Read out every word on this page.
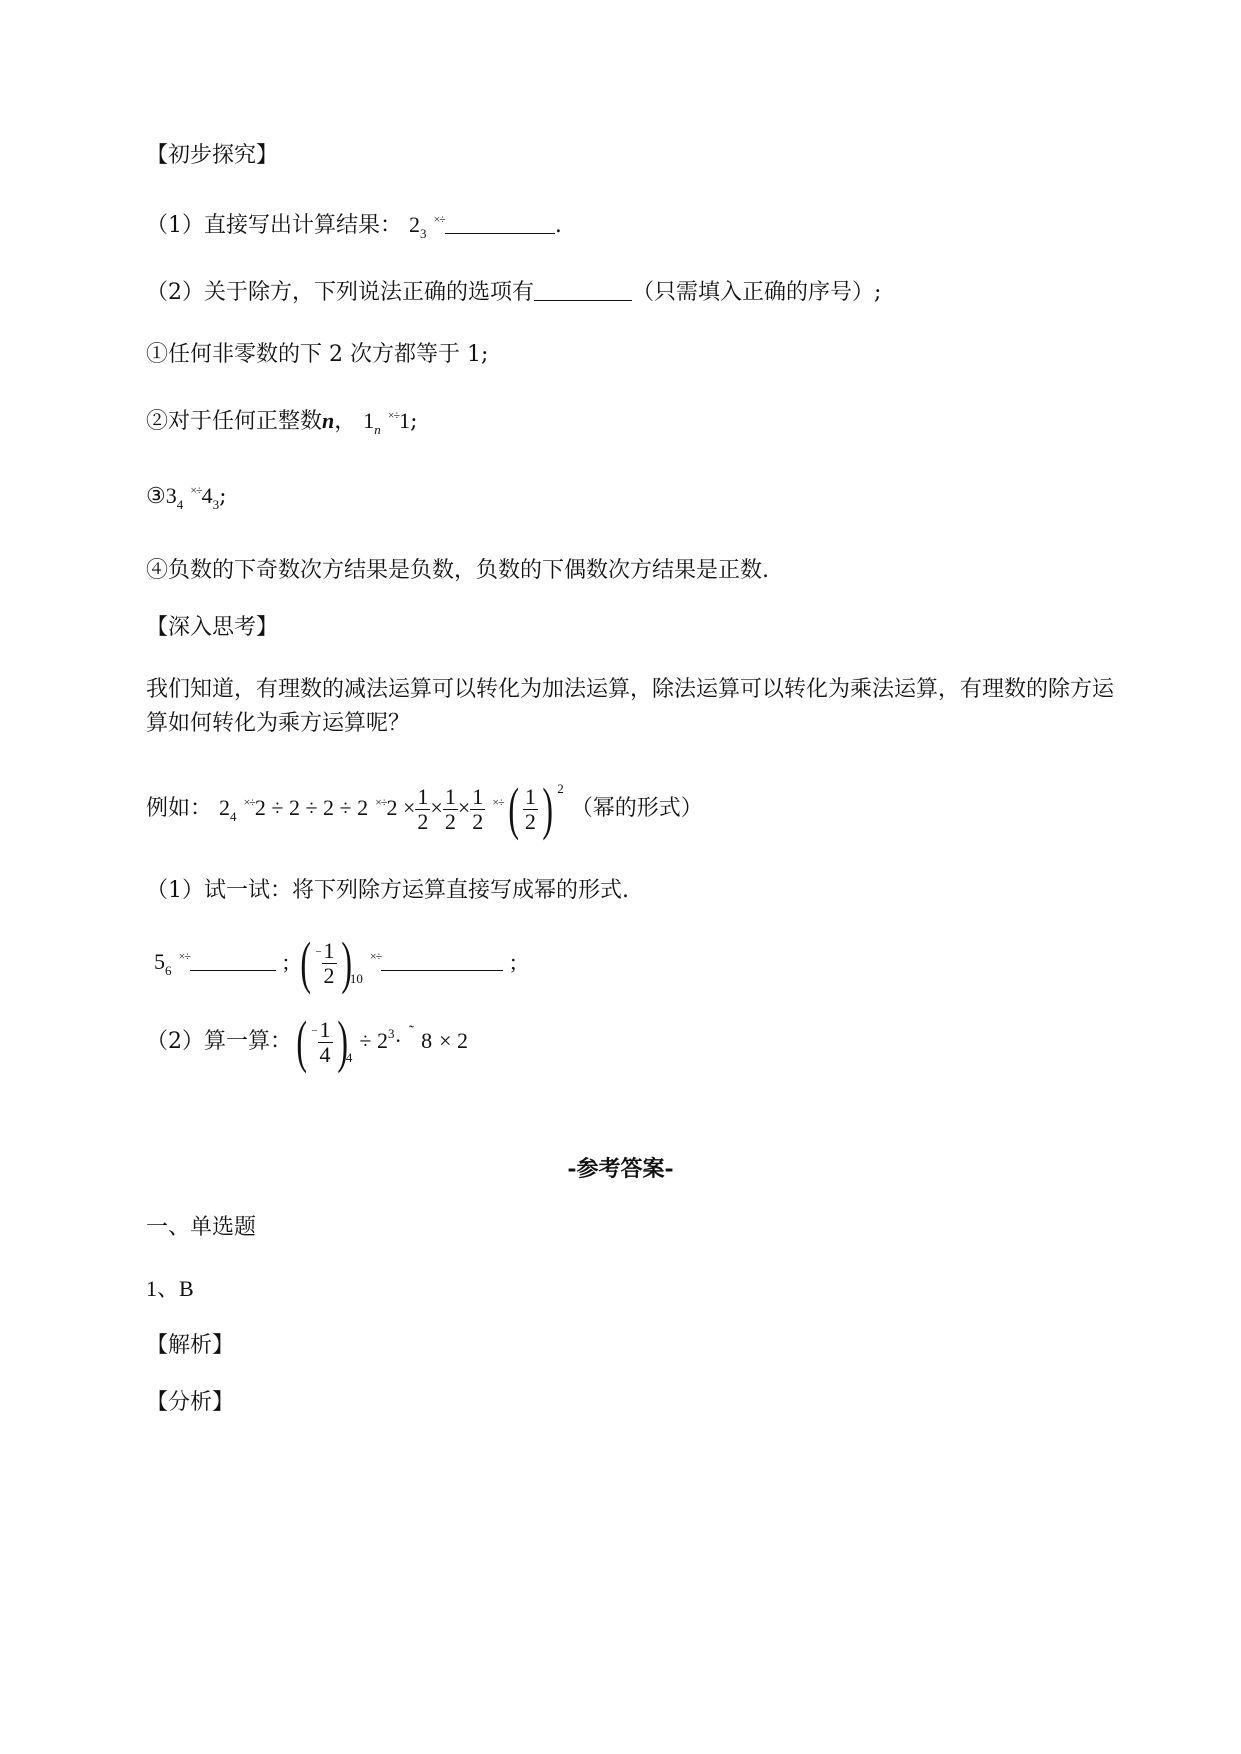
【初步探究】
（1）直接写出计算结果： $2_3$ ×÷	.
（2）关于除方，下列说法正确的选项有	（只需填入正确的序号）;
①任何非零数的下 2 次方都等于 1;
②对于任何正整数n， $1_n$ ×÷1;
$③3_4$ $^{\times\div}4_3$;
④负数的下奇数次方结果是负数，负数的下偶数次方结果是正数.
【深入思考】
我们知道，有理数的减法运算可以转化为加法运算，除法运算可以转化为乘法运算，有理数的除方运
算如何转化为乘方运算呢？
例如： $2_4$ ×÷2 ÷ 2 ÷ 2 ÷ 2 $^{\times\div}2 \times \frac{1}{2} \times \frac{1}{2} \times \frac{1}{2} ^{\times\div}( \frac{1}{2}$ ) $^2$ （幂的形式）
（1）试一试：将下列除方运算直接写成幂的形式.
$5_6$ ×÷	; ( $^- \frac{1}{2} )_{10}$ ×÷	;
（2）算一算：( $^- \frac{1}{4} )_4 \div 2^3\cdot ^˜$ 8 × 2
-参考答案-
一、单选题
1、B
【解析】
【分析】
